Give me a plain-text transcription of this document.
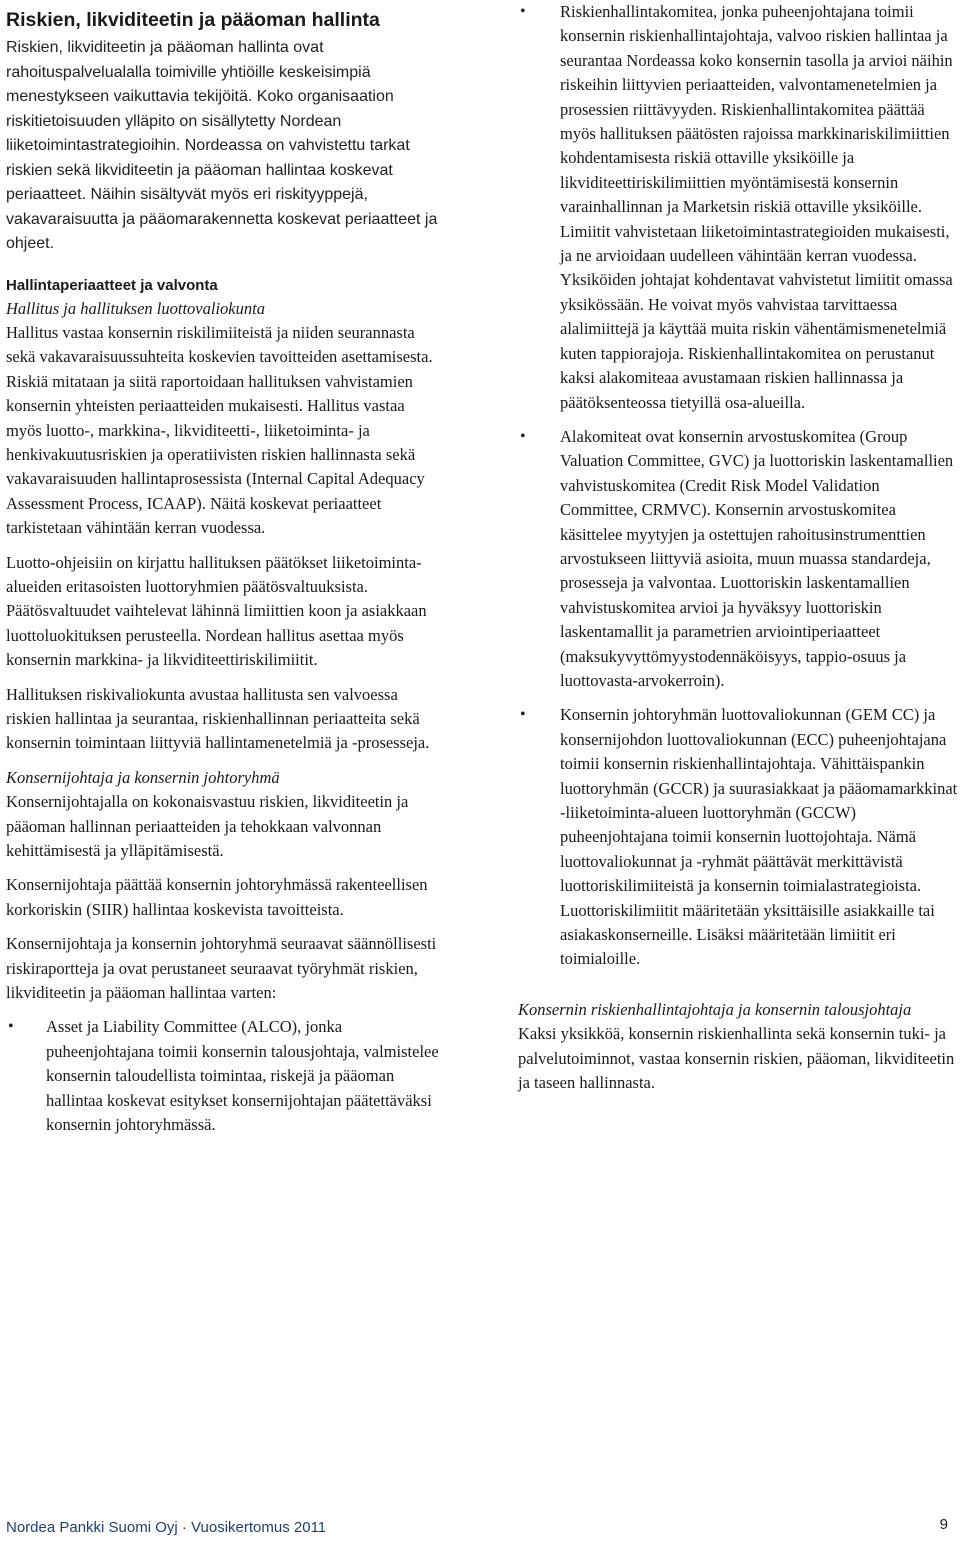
Riskien, likviditeetin ja pääoman hallinta

Riskien, likviditeetin ja pääoman hallinta ovat rahoituspalvelualalla toimiville yhtiöille keskeisimpiä menestykseen vaikuttavia tekijöitä. Koko organisaation riskitietoisuuden ylläpito on sisällytetty Nordean liiketoimintastrategioihin. Nordeassa on vahvistettu tarkat riskien sekä likviditeetin ja pääoman hallintaa koskevat periaatteet. Näihin sisältyvät myös eri riskityyppejä, vakavaraisuutta ja pääomarakennetta koskevat periaatteet ja ohjeet.

Hallintaperiaatteet ja valvonta
Hallitus ja hallituksen luottovaliokunta

Hallitus vastaa konsernin riskilimiiteistä ja niiden seurannasta sekä vakavaraisuussuhteita koskevien tavoitteiden asettamisesta. Riskiä mitataan ja siitä raportoidaan hallituksen vahvistamien konsernin yhteisten periaatteiden mukaisesti. Hallitus vastaa myös luotto-, markkina-, likviditeetti-, liiketoiminta- ja henkivakuutusriskien ja operatiivisten riskien hallinnasta sekä vakavaraisuuden hallintaprosessista (Internal Capital Adequacy Assessment Process, ICAAP). Näitä koskevat periaatteet tarkistetaan vähintään kerran vuodessa.

Luotto-ohjeisiin on kirjattu hallituksen päätökset liiketoiminta-alueiden eritasoisten luottoryhmien päätösvaltuuksista. Päätösvaltuudet vaihtelevat lähinnä limiittien koon ja asiakkaan luottoluokituksen perusteella. Nordean hallitus asettaa myös konsernin markkina- ja likviditeettiriskilimiitit.

Hallituksen riskivaliokunta avustaa hallitusta sen valvoessa riskien hallintaa ja seurantaa, riskienhallinnan periaatteita sekä konsernin toimintaan liittyviä hallintamenetelmiä ja -prosesseja.

Konsernijohtaja ja konsernin johtoryhmä

Konsernijohtajalla on kokonaisvastuu riskien, likviditeetin ja pääoman hallinnan periaatteiden ja tehokkaan valvonnan kehittämisestä ja ylläpitämisestä.

Konsernijohtaja päättää konsernin johtoryhmässä rakenteellisen korkoriskin (SIIR) hallintaa koskevista tavoitteista.

Konsernijohtaja ja konsernin johtoryhmä seuraavat säännöllisesti riskiraportteja ja ovat perustaneet seuraavat työryhmät riskien, likviditeetin ja pääoman hallintaa varten:

• Asset ja Liability Committee (ALCO), jonka puheenjohtajana toimii konsernin talousjohtaja, valmistelee konsernin taloudellista toimintaa, riskejä ja pääoman hallintaa koskevat esitykset konsernijohtajan päätettäväksi konsernin johtoryhmässä.
• Riskienhallintakomitea, jonka puheenjohtajana toimii konsernin riskienhallintajohtaja, valvoo riskien hallintaa ja seurantaa Nordeassa koko konsernin tasolla ja arvioi näihin riskeihin liittyvien periaatteiden, valvontamenetelmien ja prosessien riittävyyden. Riskienhallintakomitea päättää myös hallituksen päätösten rajoissa markkinariskilimiittien kohdentamisesta riskiä ottaville yksiköille ja likviditeettiriskilimiittien myöntämisestä konsernin varainhallinnan ja Marketsin riskiä ottaville yksiköille. Limiitit vahvistetaan liiketoimintastrategioiden mukaisesti, ja ne arvioidaan uudelleen vähintään kerran vuodessa. Yksiköiden johtajat kohdentavat vahvistetut limiitit omassa yksikössään. He voivat myös vahvistaa tarvittaessa alalimiittejä ja käyttää muita riskin vähentämismenetelmiä kuten tappiorajoja. Riskienhallintakomitea on perustanut kaksi alakomiteaa avustamaan riskien hallinnassa ja päätöksenteossa tietyillä osa-alueilla.
• Alakomiteat ovat konsernin arvostuskomitea (Group Valuation Committee, GVC) ja luottoriskin laskentamallien vahvistuskomitea (Credit Risk Model Validation Committee, CRMVC). Konsernin arvostuskomitea käsittelee myytyjen ja ostettujen rahoitusinstrumenttien arvostukseen liittyviä asioita, muun muassa standardeja, prosesseja ja valvontaa. Luottoriskin laskentamallien vahvistuskomitea arvioi ja hyväksyy luottoriskin laskentamallit ja parametrien arviointiperiaatteet (maksukyvyttömyystodennäköisyys, tappio-osuus ja luottovasta-arvokerroin).
• Konsernin johtoryhmän luottovaliokunnan (GEM CC) ja konsernijohdon luottovaliokunnan (ECC) puheenjohtajana toimii konsernin riskienhallintajohtaja. Vähittäispankin luottoryhmän (GCCR) ja suurasiakkaat ja pääomamarkkinat -liiketoiminta-alueen luottoryhmän (GCCW) puheenjohtajana toimii konsernin luottojohtaja. Nämä luottovaliokunnat ja -ryhmät päättävät merkittävistä luottoriskilimiiteistä ja konsernin toimialastrategioista. Luottoriskilimiitit määritetään yksittäisille asiakkaille tai asiakaskonserneille. Lisäksi määritetään limiitit eri toimialoille.
Konsernin riskienhallintajohtaja ja konsernin talousjohtaja

Kaksi yksikköä, konsernin riskienhallinta sekä konsernin tuki- ja palvelutoiminnot, vastaa konsernin riskien, pääoman, likviditeetin ja taseen hallinnasta.

Nordea Pankki Suomi Oyj · Vuosikertomus 2011	9
